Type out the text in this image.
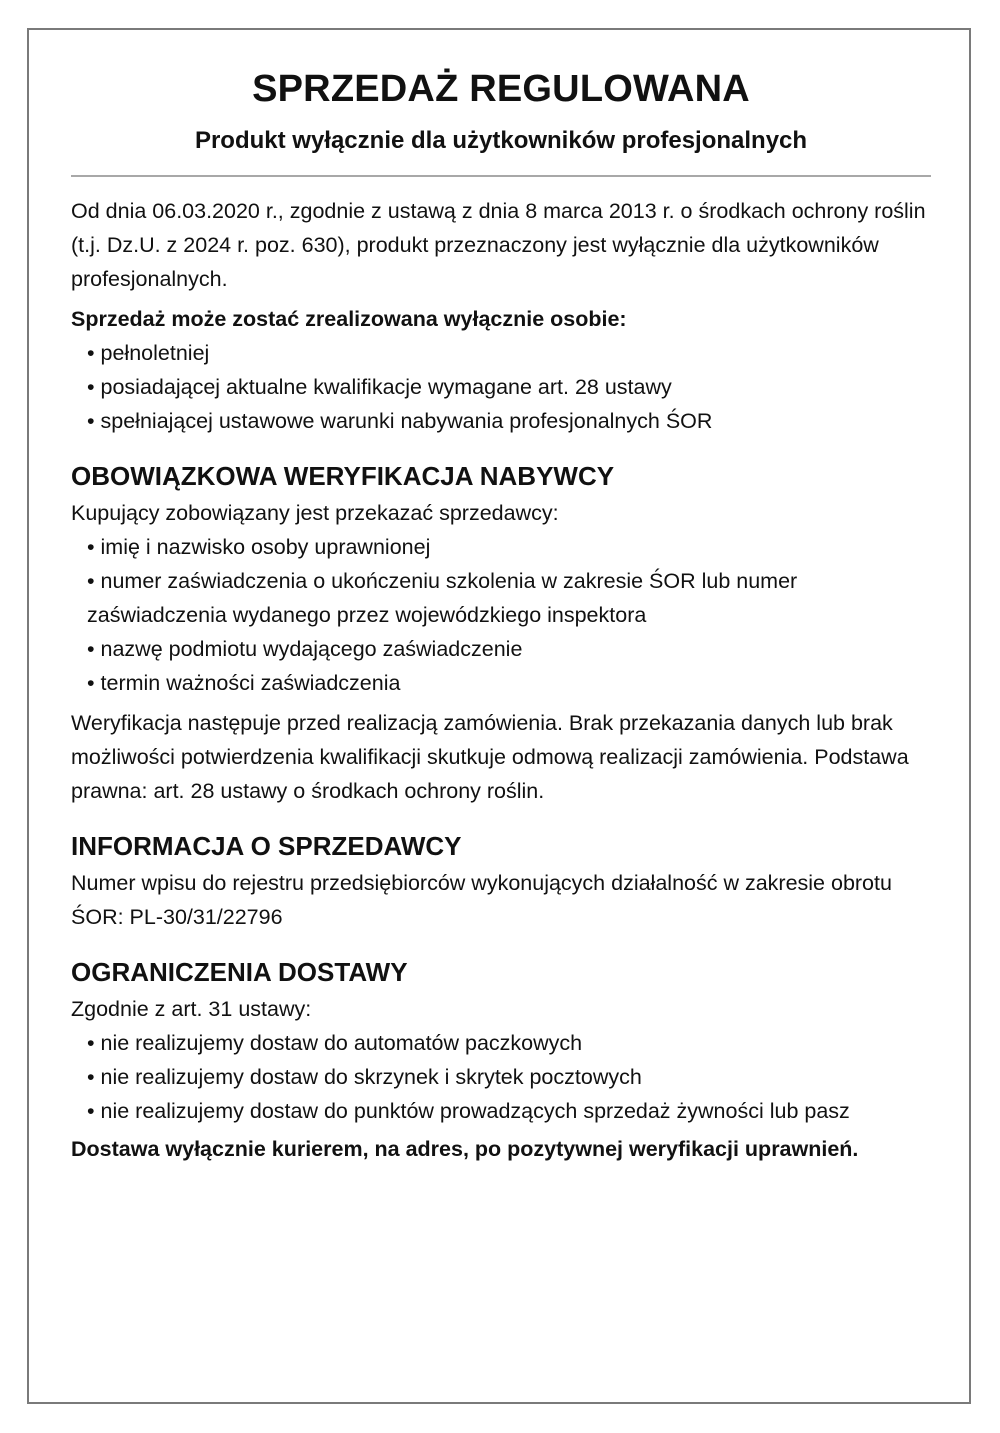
SPRZEDAŻ REGULOWANA
Produkt wyłącznie dla użytkowników profesjonalnych

Od dnia 06.03.2020 r., zgodnie z ustawą z dnia 8 marca 2013 r. o środkach ochrony roślin (t.j. Dz.U. z 2024 r. poz. 630), produkt przeznaczony jest wyłącznie dla użytkowników profesjonalnych.

Sprzedaż może zostać zrealizowana wyłącznie osobie:

• pełnoletniej
• posiadającej aktualne kwalifikacje wymagane art. 28 ustawy
• spełniającej ustawowe warunki nabywania profesjonalnych ŚOR
OBOWIĄZKOWA WERYFIKACJA NABYWCY

Kupujący zobowiązany jest przekazać sprzedawcy:

• imię i nazwisko osoby uprawnionej
• numer zaświadczenia o ukończeniu szkolenia w zakresie ŚOR lub numer zaświadczenia wydanego przez wojewódzkiego inspektora
• nazwę podmiotu wydającego zaświadczenie
• termin ważności zaświadczenia

Weryfikacja następuje przed realizacją zamówienia. Brak przekazania danych lub brak możliwości potwierdzenia kwalifikacji skutkuje odmową realizacji zamówienia. Podstawa prawna: art. 28 ustawy o środkach ochrony roślin.

INFORMACJA O SPRZEDAWCY

Numer wpisu do rejestru przedsiębiorców wykonujących działalność w zakresie obrotu ŚOR: PL-30/31/22796

OGRANICZENIA DOSTAWY

Zgodnie z art. 31 ustawy:

• nie realizujemy dostaw do automatów paczkowych
• nie realizujemy dostaw do skrzynek i skrytek pocztowych
• nie realizujemy dostaw do punktów prowadzących sprzedaż żywności lub pasz

Dostawa wyłącznie kurierem, na adres, po pozytywnej weryfikacji uprawnień.
